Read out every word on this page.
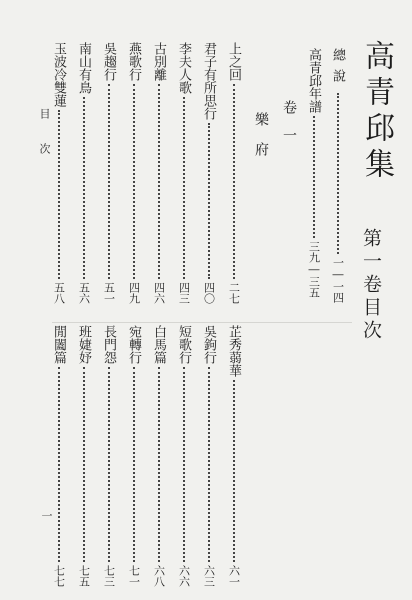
高青邱集
第一卷目次
總說
一―一四
高青邱年譜
三九―三五
卷一
樂府
上之回
二七
君子有所思行
四〇
李夫人歌
四三
古別離
四六
燕歌行
四九
吳趨行
五一
南山有鳥
五六
玉波冷雙蓮
五八
芷秀蒻華
六一
吳鉤行
六三
短歌行
六六
白馬篇
六八
宛轉行
七一
長門怨
七三
班婕妤
七五
閒闔篇
七七
目次
一
